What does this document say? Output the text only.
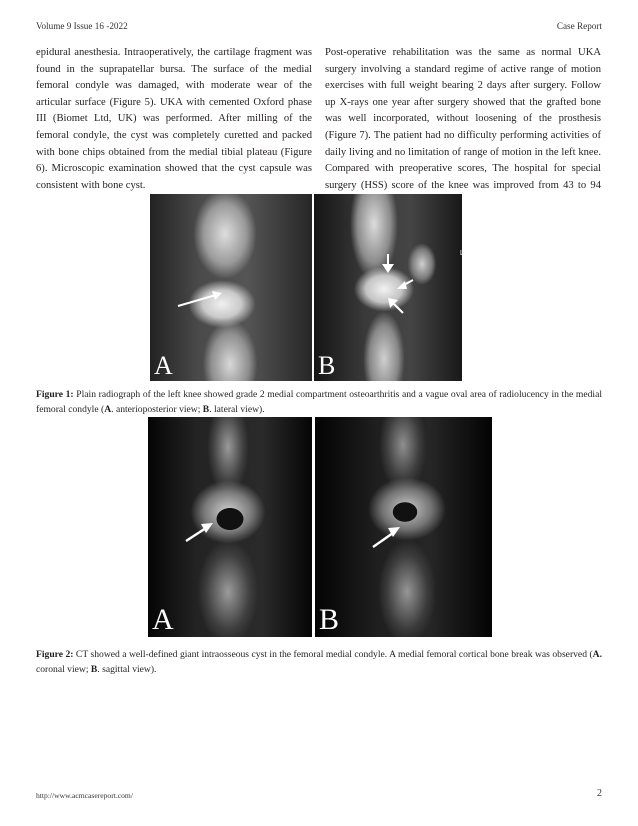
Volume 9 Issue 16 -2022	Case Report

epidural anesthesia. Intraoperatively, the cartilage fragment was found in the suprapatellar bursa. The surface of the medial femoral condyle was damaged, with moderate wear of the articular surface (Figure 5). UKA with cemented Oxford phase III (Biomet Ltd, UK) was performed. After milling of the femoral condyle, the cyst was completely curetted and packed with bone chips obtained from the medial tibial plateau (Figure 6). Microscopic examination showed that the cyst capsule was consistent with bone cyst.

Post-operative rehabilitation was the same as normal UKA surgery involving a standard regime of active range of motion exercises with full weight bearing 2 days after surgery. Follow up X-rays one year after surgery showed that the grafted bone was well incorporated, without loosening of the prosthesis (Figure 7). The patient had no difficulty performing activities of daily living and no limitation of range of motion in the left knee. Compared with preoperative scores, The hospital for special surgery (HSS) score of the knee was improved from 43 to 94

A
L
B
Figure 1: Plain radiograph of the left knee showed grade 2 medial compartment osteoarthritis and a vague oval area of radiolucency in the medial femoral condyle (A. anterioposterior view; B. lateral view).
A	B
Figure 2: CT showed a well-defined giant intraosseous cyst in the femoral medial condyle. A medial femoral cortical bone break was observed (A. coronal view; B. sagittal view).
http://www.acmcasereport.com/	2
